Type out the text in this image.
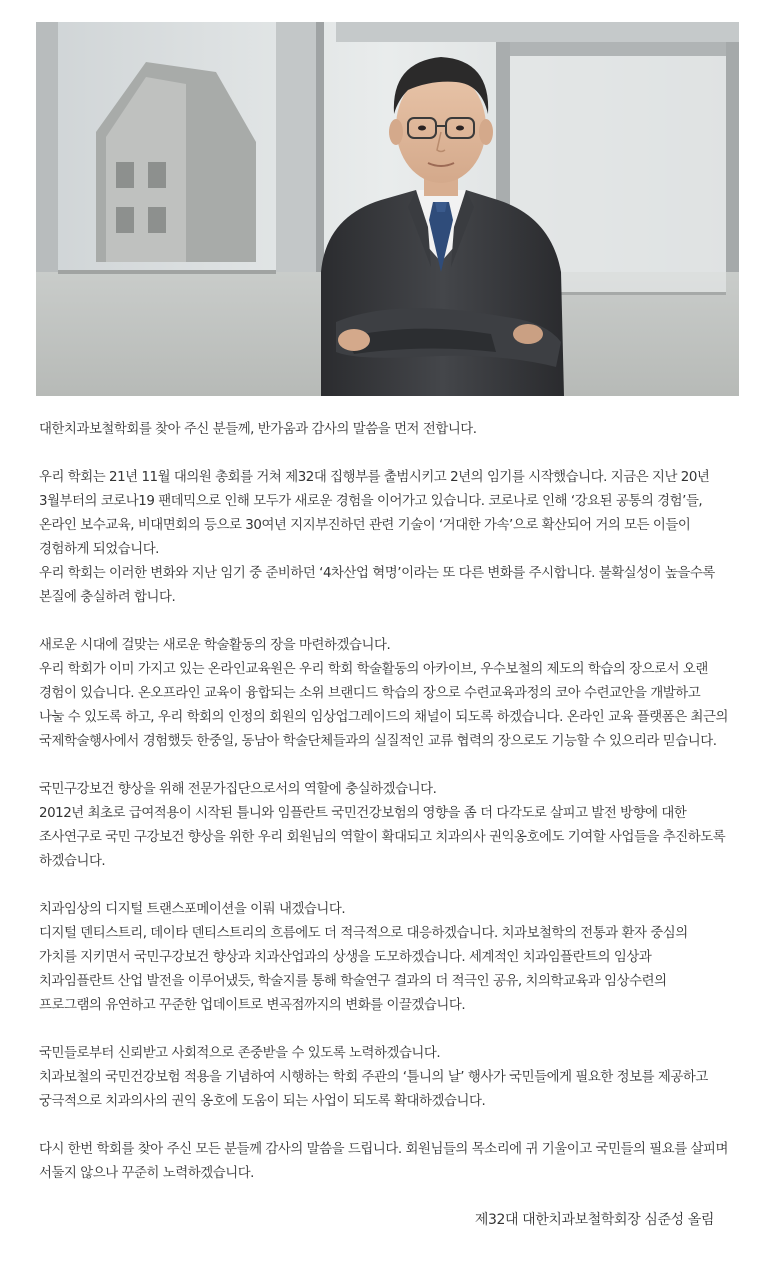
대한치과보철학회를 찾아 주신 분들께, 반가움과 감사의 말씀을 먼저 전합니다.

우리 학회는 21년 11월 대의원 총회를 거쳐 제32대 집행부를 출범시키고 2년의 임기를 시작했습니다. 지금은 지난 20년 3월부터의 코로나19 팬데믹으로 인해 모두가 새로운 경험을 이어가고 있습니다. 코로나로 인해 ‘강요된 공통의 경험’들, 온라인 보수교육, 비대면회의 등으로 30여년 지지부진하던 관련 기술이 ‘거대한 가속’으로 확산되어 거의 모든 이들이 경험하게 되었습니다.
우리 학회는 이러한 변화와 지난 임기 중 준비하던 ‘4차산업 혁명’이라는 또 다른 변화를 주시합니다. 불확실성이 높을수록 본질에 충실하려 합니다.

새로운 시대에 걸맞는 새로운 학술활동의 장을 마련하겠습니다.
우리 학회가 이미 가지고 있는 온라인교육원은 우리 학회 학술활동의 아카이브, 우수보철의 제도의 학습의 장으로서 오랜 경험이 있습니다. 온오프라인 교육이 융합되는 소위 브랜디드 학습의 장으로 수련교육과정의 코아 수련교안을 개발하고 나눌 수 있도록 하고, 우리 학회의 인정의 회원의 임상업그레이드의 채널이 되도록 하겠습니다. 온라인 교육 플랫폼은 최근의 국제학술행사에서 경험했듯 한중일, 동남아 학술단체들과의 실질적인 교류 협력의 장으로도 기능할 수 있으리라 믿습니다.

국민구강보건 향상을 위해 전문가집단으로서의 역할에 충실하겠습니다.
2012년 최초로 급여적용이 시작된 틀니와 임플란트 국민건강보험의 영향을 좀 더 다각도로 살피고 발전 방향에 대한 조사연구로 국민 구강보건 향상을 위한 우리 회원님의 역할이 확대되고 치과의사 권익옹호에도 기여할 사업들을 추진하도록 하겠습니다.

치과임상의 디지털 트랜스포메이션을 이뤄 내겠습니다.
디지털 덴티스트리, 데이타 덴티스트리의 흐름에도 더 적극적으로 대응하겠습니다. 치과보철학의 전통과 환자 중심의 가치를 지키면서 국민구강보건 향상과 치과산업과의 상생을 도모하겠습니다. 세계적인 치과임플란트의 임상과 치과임플란트 산업 발전을 이루어냈듯, 학술지를 통해 학술연구 결과의 더 적극인 공유, 치의학교육과 임상수련의 프로그램의 유연하고 꾸준한 업데이트로 변곡점까지의 변화를 이끌겠습니다.

국민들로부터 신뢰받고 사회적으로 존중받을 수 있도록 노력하겠습니다.
치과보철의 국민건강보험 적용을 기념하여 시행하는 학회 주관의 ‘틀니의 날’ 행사가 국민들에게 필요한 정보를 제공하고 궁극적으로 치과의사의 권익 옹호에 도움이 되는 사업이 되도록 확대하겠습니다.

다시 한번 학회를 찾아 주신 모든 분들께 감사의 말씀을 드립니다. 회원님들의 목소리에 귀 기울이고 국민들의 필요를 살피며 서둘지 않으나 꾸준히 노력하겠습니다.

제32대 대한치과보철학회장 심준성 올림
